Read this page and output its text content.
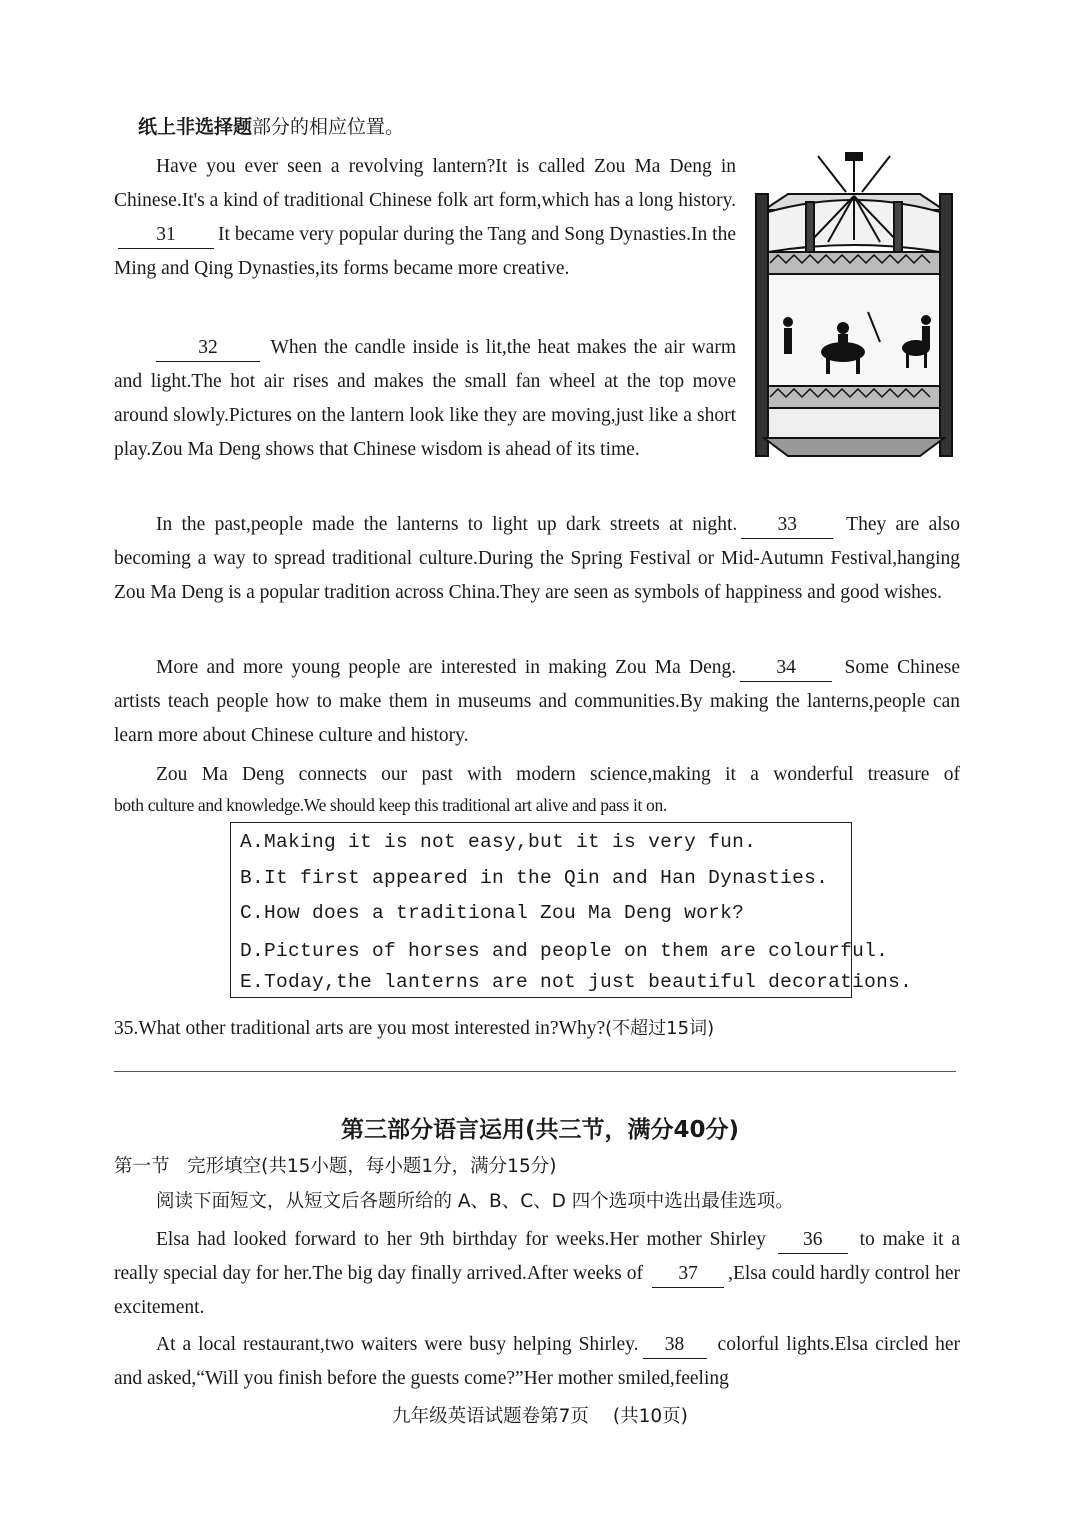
纸上非选择题部分的相应位置。
Have you ever seen a revolving lantern?It is called Zou Ma Deng in Chinese.It's a kind of traditional Chinese folk art form,which has a long history.31 It became very popular during the Tang and Song Dynasties.In the Ming and Qing Dynasties,its forms became more creative.
32	When the candle inside is lit,the heat makes the air warm and light.The hot air rises and makes the small fan wheel at the top move around slowly.Pictures on the lantern look like they are moving,just like a short play.Zou Ma Deng shows that Chinese wisdom is ahead of its time.
In the past,people made the lanterns to light up dark streets at night. 33	They are also becoming a way to spread traditional culture.During the Spring Festival or Mid-Autumn Festival,hanging Zou Ma Deng is a popular tradition across China.They are seen as symbols of happiness and good wishes.
More and more young people are interested in making Zou Ma Deng. 34 Some Chinese artists teach people how to make them in museums and communities.By making the lanterns,people can learn more about Chinese culture and history.
Zou Ma Deng connects our past with modern science,making it a wonderful treasure of
both culture and knowledge.We should keep this traditional art alive and pass it on.
A.Making it is not easy,but it is very fun.
B.It first appeared in the Qin and Han Dynasties.
C.How does a traditional Zou Ma Deng work?
D.Pictures of horses and people on them are colourful.
E.Today,the lanterns are not just beautiful decorations.
35.What other traditional arts are you most interested in?Why?(不超过15词)
第三部分语言运用(共三节，满分40分)
第一节   完形填空(共15小题，每小题1分，满分15分)
阅读下面短文，从短文后各题所给的 A、B、C、D 四个选项中选出最佳选项。
Elsa had looked forward to her 9th birthday for weeks.Her mother Shirley 36 to make it a really special day for her.The big day finally arrived.After weeks of 37 ,Elsa could hardly control her excitement.
At a local restaurant,two waiters were busy helping Shirley. 38 colorful lights.Elsa circled her and asked,“Will you finish before the guests come?”Her mother smiled,feeling
九年级英语试题卷第7页 (共10页)
